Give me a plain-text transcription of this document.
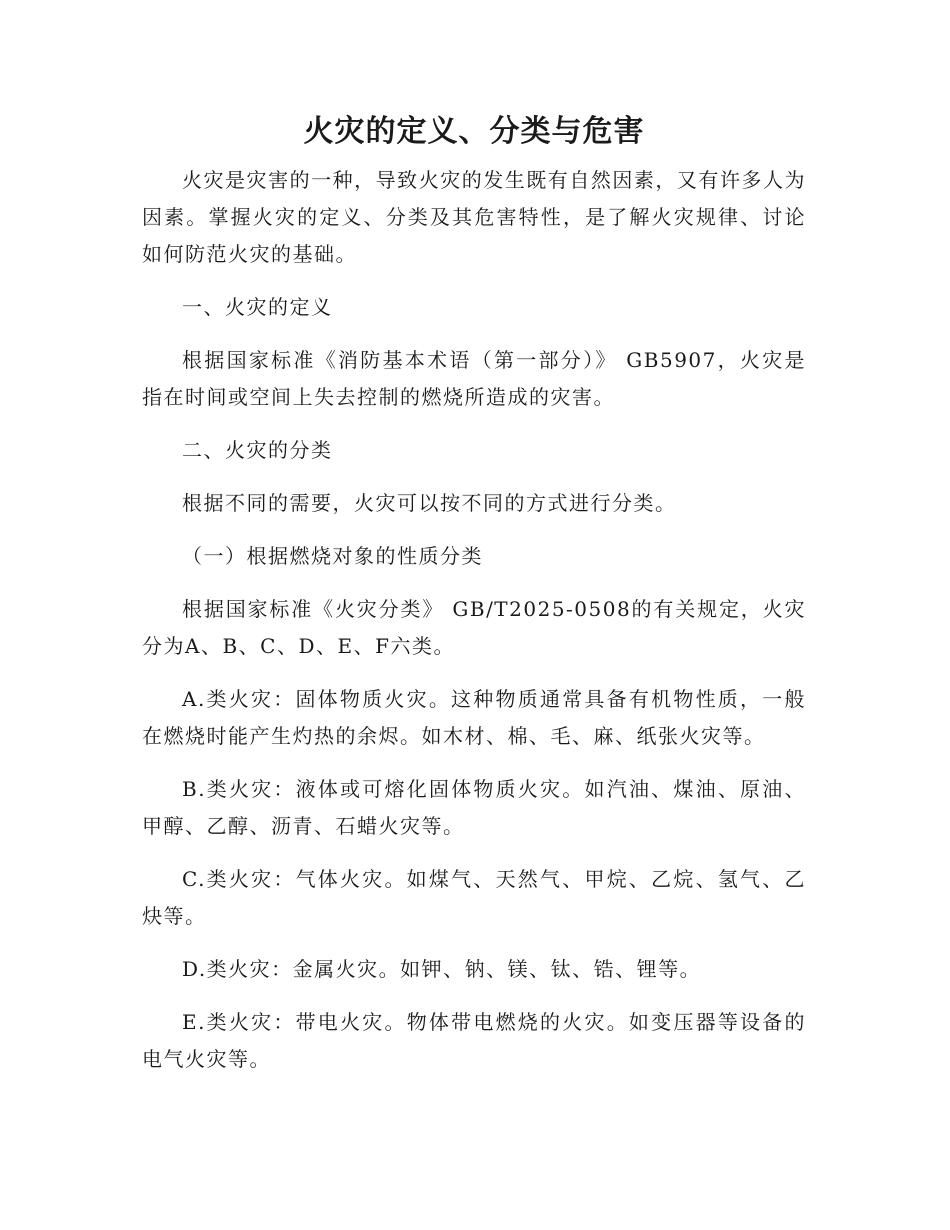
火灾的定义、分类与危害

火灾是灾害的一种，导致火灾的发生既有自然因素，又有许多人为因素。掌握火灾的定义、分类及其危害特性，是了解火灾规律、讨论如何防范火灾的基础。

一、火灾的定义

根据国家标准《消防基本术语（第一部分）》 GB5907，火灾是指在时间或空间上失去控制的燃烧所造成的灾害。

二、火灾的分类

根据不同的需要，火灾可以按不同的方式进行分类。

（一）根据燃烧对象的性质分类

根据国家标准《火灾分类》 GB/T2025-0508的有关规定，火灾分为A、B、C、D、E、F六类。

A.类火灾：固体物质火灾。这种物质通常具备有机物性质，一般在燃烧时能产生灼热的余烬。如木材、棉、毛、麻、纸张火灾等。

B.类火灾：液体或可熔化固体物质火灾。如汽油、煤油、原油、甲醇、乙醇、沥青、石蜡火灾等。

C.类火灾：气体火灾。如煤气、天然气、甲烷、乙烷、氢气、乙炔等。

D.类火灾：金属火灾。如钾、钠、镁、钛、锆、锂等。

E.类火灾：带电火灾。物体带电燃烧的火灾。如变压器等设备的电气火灾等。
